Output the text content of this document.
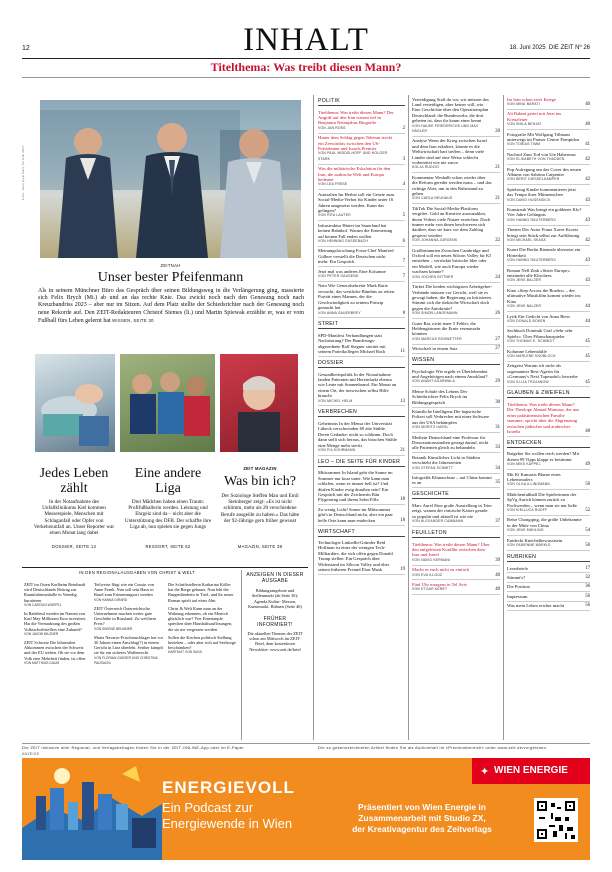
12	INHALT	18. Juni 2025 DIE ZEIT Nº 26
Titelthema: Was treibt diesen Mann?
Foto: Jens Gyarmaty für DIE ZEIT
ZEITNAH
Unser bester Pfeifenmann
Als in seinem Münchner Büro das Gespräch über seinen Bildungsweg in die Verlängerung ging, massierte sich Felix Brych (Mi.) ab und an das rechte Knie. Das zwickt noch nach den Genesung noch nach Kreuzbandriss 2023 – aber nur im Sitzen. Auf dem Platz stellte der Schiedsrichter nach der Genesung noch neue Rekorde auf. Den ZEIT-Redakteuren Christof Siemes (li.) und Martin Spiewak erzählte er, was er vom Fußball fürs Leben gelernt hat WISSEN, SEITE 30
Jedes Leben zählt
In der Notaufnahme des Unfallklinikums Kiel kommen Messerspiele, Menschen mit Schlaganfall oder Opfer von Verkehrsunfall an. Unser Reporter war einen Monat lang dabei
DOSSIER, SEITE 13
Eine andere Liga
Drei Mädchen haben einen Traum: Profifußballerin werden. Leistung und Ehrgeiz sind da – nicht aber die Unterstützung des DFB. Der schaffte ihre Liga ab, nun spielen sie gegen Jungs
RESSORT, SEITE 52
ZEIT MAGAZIN
Was bin ich?
Der Soziologe Steffen Mau und Emil Steinberger zeigt: »Es ist nicht schlimm, mehr als 20 verschiedene Berufe ausgeübt zu haben.« Das hätte der 92-Jährige gern früher gewusst
MAGAZIN, SEITE 38
IN DEN REGIONALAUSGABEN VON CHRIST & WELT
ZEIT im Osten Karlheim Reinhardt wird Deutschlands Beitrag zur Raumfahrtmedaille in Venedig kuratieren
VON CAROLIN WÜRFEL
In Radebeul werden im Namen von Karl May Millionen Euro investiert. Hat die Vermarktung des großen Volksschriftstellers eine Zukunft?
VON JAKOB MILZNER
ZEIT Schweiz Die bilateralen Abkommen zwischen der Schweiz und der EU stehen. Ob sie vor dem Volk eine Mehrheit finden, ist offen
VON MATTHIAS DAUM
Teilweise flügt wie ein Cousin von Anne Frank. Nun soll sein Haus in Basel zum Erinnerungsort werden
VON HANNA GIRARD
ZEIT Österreich Österreichische Unternehmen machen weiter gute Geschäfte in Russland. Zu welchem Preis?
VON SIMONE BRUNNER
Maria Navarro-Frischenschlager hat vor 30 Jahren einen Anschlag(?) in einem Gericht in Linz überlebt. Seither kämpft sie für ein sicheres Waffenrecht
VON FLORIAN GASSER UND CHRISTINA PAUSACKL
Die Schriftstellerin Katharina Köller hat die Berge gebauer. Nun lebt die Burgenländerin in Tirol, und ihr neuer Roman spielt auf einer Alm
Christ & Welt Kann man an der Wahrung erkennen, ob ein Mensch glücklich war? Vier Emerianpfe sprechen über Haushaltsauflösungen, die sie nie vergessen werden
Sollen die Kirchen politisch Stellung beziehen – oder aber sich auf Seelsorge beschränken?
HARTMUT VON SASS
ANZEIGEN IN DIESER AUSGABE
Bildungsangebote und Stellenmarkt (ab Seite 36); Agenda Kultur- Messen, Kunstmarkt, Bühnen (Seite 46)
FRÜHER INFORMIERT!
Die aktuellen Themen der ZEIT schon am Mittwoch im ZEIT-Brief, dem kostenlosen Newsletter: www.zeit.de/brief
POLITIK
Titelthema: Was treibt diesen Mann? Der Angriff auf den Iran warum tief in Benjamin Netanjahus Biografie
VON JAN ROSS	2
Hinter dem Schlag gegen Teheran steckt ein Zerwürfnis zwischen den US-Präsidenten und Israels Premier
VON PAUL MIDDELHOFF UND HOLGER STARK	3
Was die militärische Eskalation für den Iran, die arabische Welt und Europa bedeutet
VON LEA FRESE	4
Australien Im Herbst soll ein Gesetz zum Social-Media-Verbot für Kinder unter 16 Jahren umgesetzt werden. Kann das gelingen?
VON RITA LAUTER	5
Infrastruktur Hinter im Sauerland hat keinen Bahnhof. Warum die Erneuerung auf keinen Fall enden wollen
VON HENNING SUSSEBACH	6
Meinungsforschung Forsa-Chef Manfred Güllner verstellt die Deutschen nicht mehr. Ein Gespräch	7
Jetzt mal was anderes Eine Kolumne
VON PETER DAUSEND	7
Nato Wie Generalsekretär Mark Rutte versucht, das westliche Bündnis zu retten. Porträt eines Mannes, der die Geschwindigkeit zu seinem Prinzip gemacht hat
VON ANNA SAUERBREY	8
STREIT
SPD-Manifest Verhandlungen statt Nachrüstung? Der Bundestags-abgeordnete Ralf Stegner streitet mit seinem Parteikollegen Michael Roth	11
DOSSIER
Gesundheitspolitik In der Notaufnahme landen Patienten mit Herzinfarkt ebenso wie Leute mit Sonnenbrand. Ein Monat an einem Ort, der inzwischen selbst Hilfe braucht
VON MICHEL HELM	13
VERBRECHEN
Geheimnis In der Mensa der Universität Lübeck verschwinden 69 alte Stühle. Deren Gedanke: nicht so schlimm. Doch dann stellt sich heraus, das bisschen Stühle eine Menge mehr steckt
VON FIA KOHRMANN	21
LEO – DIE SEITE FÜR KINDER
Mittsommer In Island geht die Sonne im Sommer nur kurz unter. Wie kann man schlafen, wenn es immer hell ist? Und dürfen Kinder ewig draußen sein? Ein Gespräch mit der Zeichnerin Rán Flygenring und ihrem Sohn Fífla	18
Zu wenig Licht! Sonne im Mittsommer gibt's in Deutschland nicht, aber ein paar helle Orte kann man entdecken	18
WIRTSCHAFT
Technologie LinkedIn-Gründer Reid Hoffman ist einer der wenigen Tech-Milliardäre, die sich offen gegen Donald Trump stellen. Ein Gespräch über Widerstand im Silicon Valley und über seinen früheren Freund Elon Musk	19
Verteidigung Stoß du vor, wir müssen das Land verteidigen, aber keiner will, wie. Eine Geschichte über den Operationsplan Deutschland: die Bundeswehr, die dort gebeten ist, dass ihr kaum einer kennt
VON HAUKE FRIEDERICHS UND MAX HÄGLER	20
Analyse Wenn der Krieg zwischen Israel und dem Iran eskaliert, könnte es die Weltwirtschaft hart treffen – denn viele Länder sind auf eine Weise schlecht vorbereitet wie nie zuvor
KOLJA RUDZIO	21
Kommentar Weshalb schon wieder über die Reform geredet werden muss – und das richtige Alter, um in den Ruhestand zu gehen
VON CARLA NEUHAUS	21
TikTok Die Social-Media-Plattform vergiftet. Geld an Kreative auszuzahlen, deren Videos viele Nutzer erreichen. Doch immer mehr von ihnen beschweren sich darüber, dass sie kurz vor dem Zahltag gesperrt würden
VON JOHANNA JÜRGENS	22
Großbritannien Zwischen Cambridge und Oxford soll ein neues Silicon Valley für KI entstehen – verrückte britische Idee oder ein Modell, wie auch Europa wieder wachsen könnte?
VON JOCHEN BITTNER	24
Türkei Die beiden wichtigsten Arbeitgeber-Verbände müssen vor Gericht, weil sie es gewagt haben, die Regierung zu kritisieren. Stimmt sich die türkische Wirtschaft doch gegen die Autokratie?
VON SIMON LANGEMANN	26
Guter Rat, nicht teuer 5 Fehler, die Heldengärtnern die Ernte vermasseln könnten
VON MARCUS ROHWETTER	27
Wirtschaft in einem Satz	27
WISSEN
Psychologie Wie ergeht es Überlebenden und Angehörigen nach einem Amoklauf?
VON ANANT AGARWALA	29
Meine Schule des Lebens Der Schiedsrichter Felix Brych im Bildungsgespräch	30
Künstliche Intelligenz Die hapsrische Polizei soll Verbrecher mit einer Software aus der USA bekämpfen
VON MORITZ HAESL	31
Medizin Deutschland eine Professur für Dissoziationsstudien getragt darauf, nicht alle Patienten gleich zu behandeln	33
Botanik Künstliches Licht in Städten verschiebt die Jahreszeiten
VON STEFAN SCHMITT	34
Infografik Klimaschutz – auf China kommt es an	35
GESCHICHTE
Marc Aurel Eine große Ausstellung in Trier zeigt, warum der römische Kaiser gerade so populär und aktuell ist wie nie
VON ALEXANDER CAMMANN	37
FEUILLETON
Titelthema: Was treibt diesen Mann? Über den aufgelösten Konflikt zwischen dem Iran und Israel
VON NAVID KERMANI	39
Macht es euch nicht zu einfach
VON EVA ILLOUZ	40
Fünf Uhr morgens in Tel Aviv
VON ETGAR KERET	40
Im Iran schon zwei Kriege
VON MINU BARATI	40
Ali Rahmi geriet mit Jetzt ins Kreuzfeuer
VON SHILA BEHJAT	40
Fotografie Mit Wolfgang Tillmans unterwegs im Pariser Centre Pompidou
VON TOBIAS TIMM	41
Nachruf Zum Tod von Ute Habermas
VON ELISABETH VON THADDEN	42
Pop Aufregung um das Cover des neuen Albums von Sabrina Carpenter
VON BERIT DIESSELKÄMPER	42
Spielzeug Kinder kommentieren jetzt das Tempo ihrer Mitmenschen
VON DAVID HUGENDICK	43
Kunstraub Was bringt ein goldenes Klo? Vier Jahre Gefängnis
VON HANNO RAUTERBERG	43
Theater Der Autor Franz Xaver Kroetz bringt sein Stück selbst zur Aufführung
VON MICHAEL SKASA	42
Kunst Die Berlin Biennale übersetzt ein Hörterkeit
VON HANNO RAUTERBERG	43
Roman Nell Zink »Sister Europe« entzündet alle Klischees
VON JENS BALZER	43
Kino »Step Across the Border« – der ultimative Musikfilm kommt wieder ins Kino
VON JENS BALZER	44
Lyrik Ein Gedicht von Anna Biers
VON DONALD BOKEN	44
Sachbuch Dominik Graf »Sehr sehr Spiele«. Über Filmschauspieler
VON THOMAS E. SCHMIDT	45
Kolumne Lebenshilfe
VON MARLENE KNOBLOCH	45
Zeitgeist Warum ich nicht als sogenannter Best-Agerin für »Germany's Next Topmodel« bewerbe
VON ILLIJA TROJANOW	45
GLAUBEN & ZWEIFELN
Titelthema: Was treibt diesen Mann? Die Theologe Ahmad Mansour, der aus einer palästinensischen Familie stammte, spricht über die Abgrenzung zwischen jüdischer und arabischer Israelis	48
ENTDECKEN
Ratgeber Sie wollen reich werden? Mit diesen 99 Tipps klappt es bestimmt
VON MIKE KAPPEL	49
Mit Kl Kumasis Blume eines Lebensmalers
VON OLGA ILLINGMANN	50
Mädchenfußball Die Spielerinnen der SpVg Aurich können zurück zu Profiwerden – wenn man sie nur ließe
VON KIM-LUCA RUDFF	52
Reise Chongqing, die größe Unbekannte in der Mitte von China
VON JENS MÜHLING	54
Entdeckt Knöchelbewusstsein
VON FABIENNE MÄRKLE	56
RUBRIKEN
Leserbriefe	17
Stimmt's?	32
Die Position	36
Impressum	56
Was mein Leben reicher macht	56
Die ZEIT inklusive aller Regional- und Verlagsbeilagen finden Sie in der ZEIT ONLINE-App oder im E-Paper	Die so gekennzeichneten Artikel finden Sie als Audioinhalt im »Premiumbereich« unter www.zeit.de/vorgelesen
ANZEIGE
ENERGIEVOLL
Ein Podcast zur
Energiewende in Wien
✦ WIEN ENERGIE
Präsentiert von Wien Energie in
Zusammenarbeit mit Studio ZX,
der Kreativagentur des Zeitverlags
